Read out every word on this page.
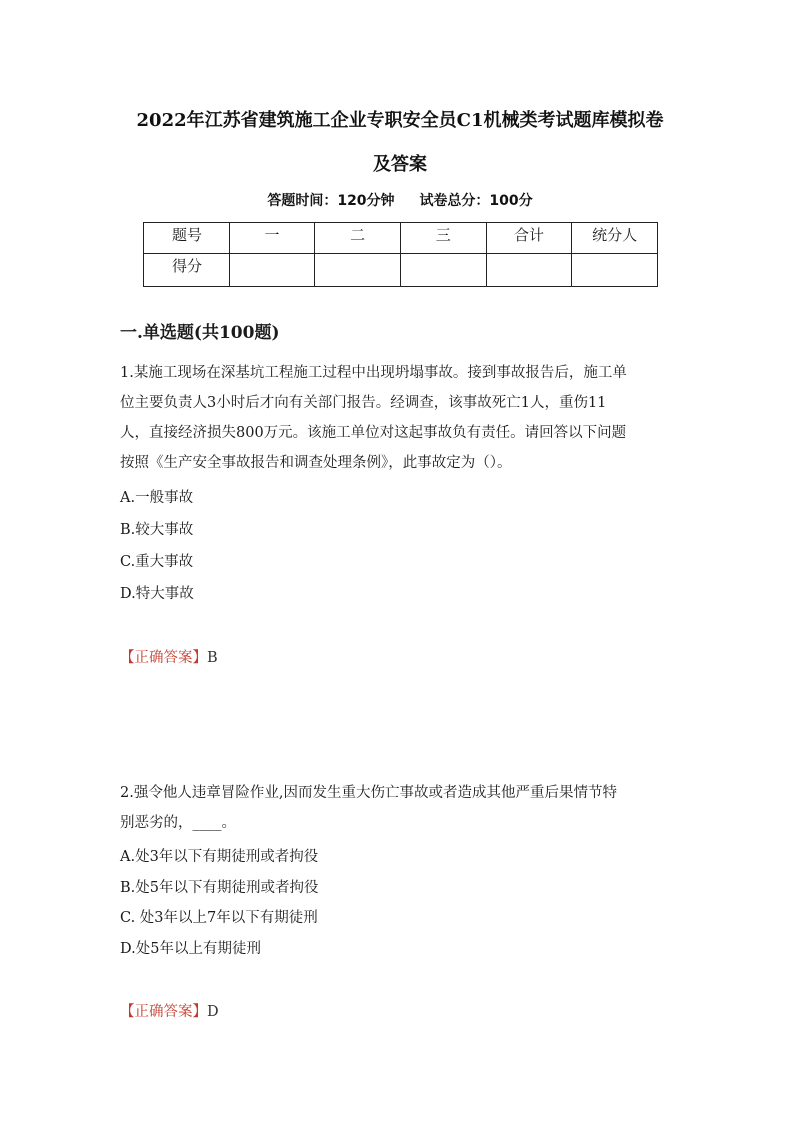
2022年江苏省建筑施工企业专职安全员C1机械类考试题库模拟卷
及答案
答题时间：120分钟 试卷总分：100分
题号	一	二	三	合计	统分人
得分					
一.单选题(共100题)

1.某施工现场在深基坑工程施工过程中出现坍塌事故。接到事故报告后，施工单

位主要负责人3小时后才向有关部门报告。经调查，该事故死亡1人，重伤11

人，直接经济损失800万元。该施工单位对这起事故负有责任。请回答以下问题

按照《生产安全事故报告和调查处理条例》，此事故定为（）。

A.一般事故
B.较大事故
C.重大事故
D.特大事故
【正确答案】B

2.强令他人违章冒险作业,因而发生重大伤亡事故或者造成其他严重后果情节特

别恶劣的，____。

A.处3年以下有期徒刑或者拘役
B.处5年以下有期徒刑或者拘役
C. 处3年以上7年以下有期徒刑
D.处5年以上有期徒刑
【正确答案】D
